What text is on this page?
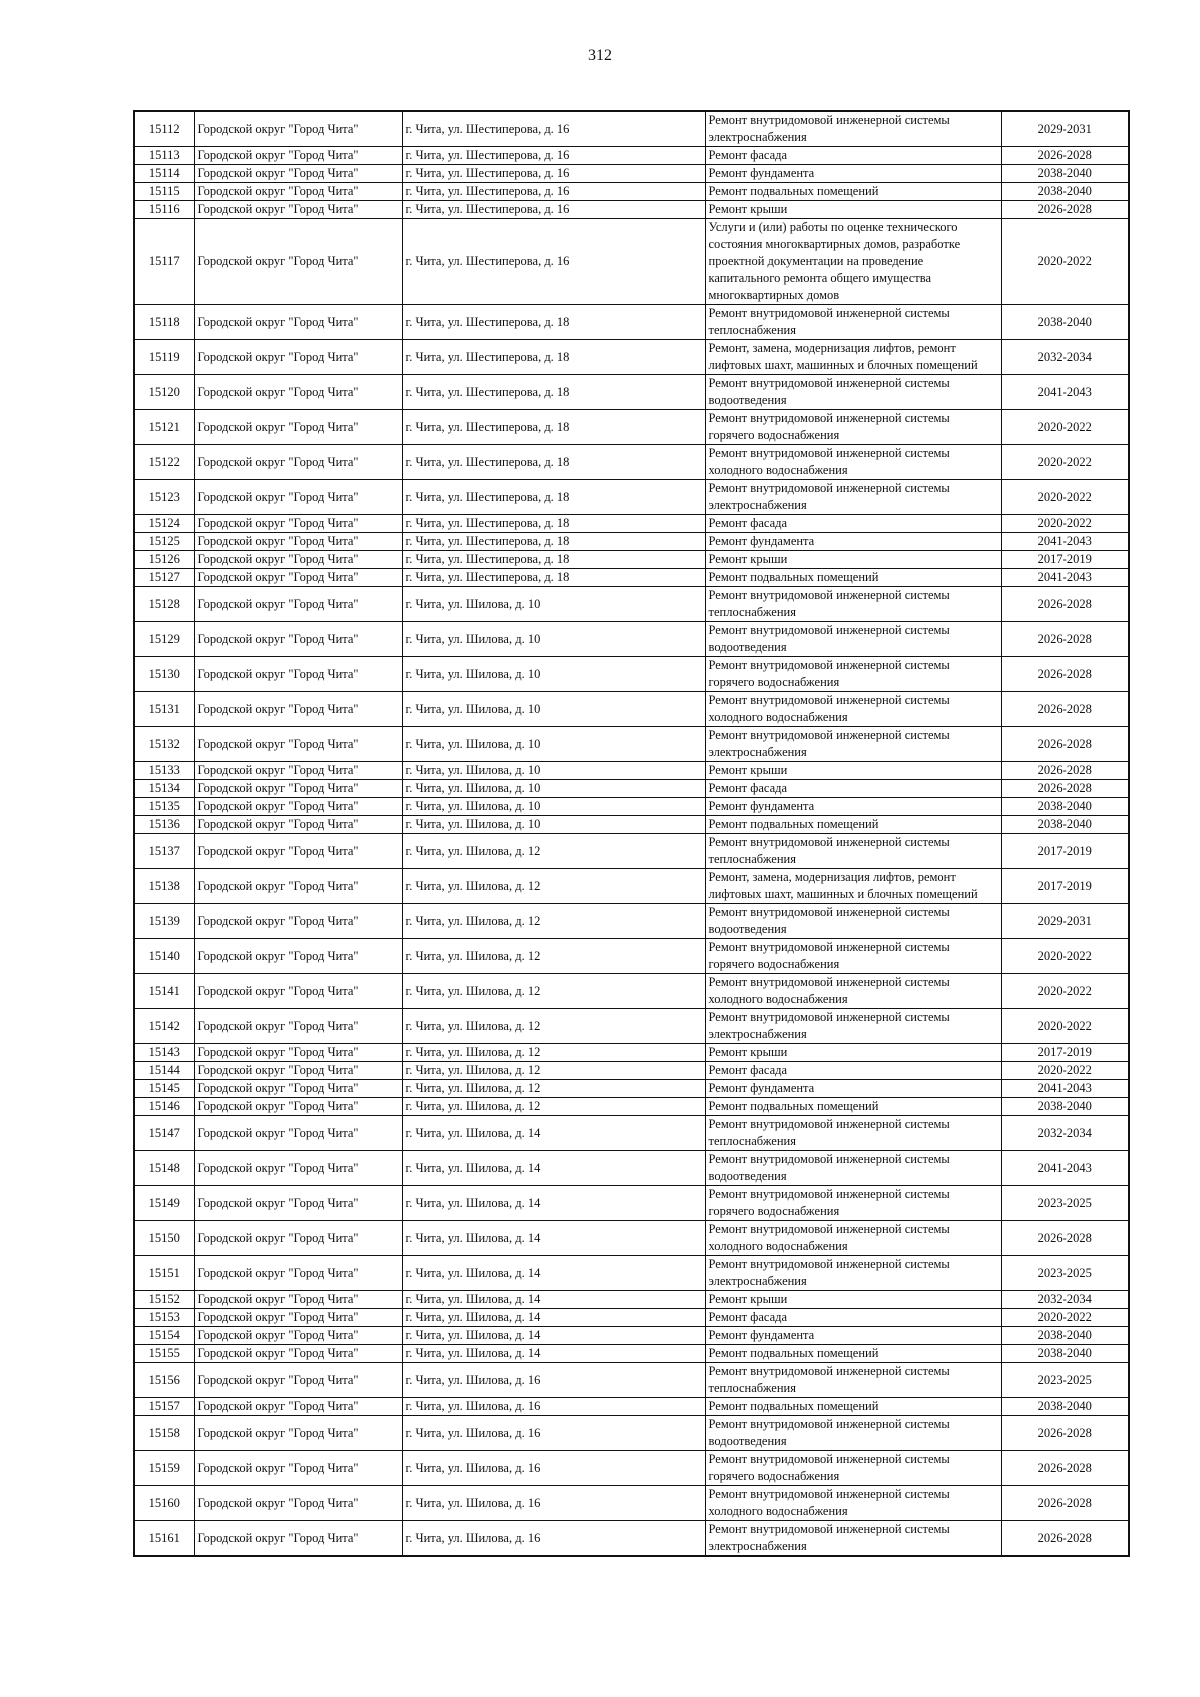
312
15112	Городской округ "Город Чита"	г. Чита, ул. Шестиперова, д. 16	Ремонт внутридомовой инженерной системы
электроснабжения	2029-2031
15113	Городской округ "Город Чита"	г. Чита, ул. Шестиперова, д. 16	Ремонт фасада	2026-2028
15114	Городской округ "Город Чита"	г. Чита, ул. Шестиперова, д. 16	Ремонт фундамента	2038-2040
15115	Городской округ "Город Чита"	г. Чита, ул. Шестиперова, д. 16	Ремонт подвальных помещений	2038-2040
15116	Городской округ "Город Чита"	г. Чита, ул. Шестиперова, д. 16	Ремонт крыши	2026-2028
15117	Городской округ "Город Чита"	г. Чита, ул. Шестиперова, д. 16	Услуги и (или) работы по оценке технического
состояния многоквартирных домов, разработке
проектной документации на проведение
капитального ремонта общего имущества
многоквартирных домов	2020-2022
15118	Городской округ "Город Чита"	г. Чита, ул. Шестиперова, д. 18	Ремонт внутридомовой инженерной системы
теплоснабжения	2038-2040
15119	Городской округ "Город Чита"	г. Чита, ул. Шестиперова, д. 18	Ремонт, замена, модернизация лифтов, ремонт
лифтовых шахт, машинных и блочных помещений	2032-2034
15120	Городской округ "Город Чита"	г. Чита, ул. Шестиперова, д. 18	Ремонт внутридомовой инженерной системы
водоотведения	2041-2043
15121	Городской округ "Город Чита"	г. Чита, ул. Шестиперова, д. 18	Ремонт внутридомовой инженерной системы
горячего водоснабжения	2020-2022
15122	Городской округ "Город Чита"	г. Чита, ул. Шестиперова, д. 18	Ремонт внутридомовой инженерной системы
холодного водоснабжения	2020-2022
15123	Городской округ "Город Чита"	г. Чита, ул. Шестиперова, д. 18	Ремонт внутридомовой инженерной системы
электроснабжения	2020-2022
15124	Городской округ "Город Чита"	г. Чита, ул. Шестиперова, д. 18	Ремонт фасада	2020-2022
15125	Городской округ "Город Чита"	г. Чита, ул. Шестиперова, д. 18	Ремонт фундамента	2041-2043
15126	Городской округ "Город Чита"	г. Чита, ул. Шестиперова, д. 18	Ремонт крыши	2017-2019
15127	Городской округ "Город Чита"	г. Чита, ул. Шестиперова, д. 18	Ремонт подвальных помещений	2041-2043
15128	Городской округ "Город Чита"	г. Чита, ул. Шилова, д. 10	Ремонт внутридомовой инженерной системы
теплоснабжения	2026-2028
15129	Городской округ "Город Чита"	г. Чита, ул. Шилова, д. 10	Ремонт внутридомовой инженерной системы
водоотведения	2026-2028
15130	Городской округ "Город Чита"	г. Чита, ул. Шилова, д. 10	Ремонт внутридомовой инженерной системы
горячего водоснабжения	2026-2028
15131	Городской округ "Город Чита"	г. Чита, ул. Шилова, д. 10	Ремонт внутридомовой инженерной системы
холодного водоснабжения	2026-2028
15132	Городской округ "Город Чита"	г. Чита, ул. Шилова, д. 10	Ремонт внутридомовой инженерной системы
электроснабжения	2026-2028
15133	Городской округ "Город Чита"	г. Чита, ул. Шилова, д. 10	Ремонт крыши	2026-2028
15134	Городской округ "Город Чита"	г. Чита, ул. Шилова, д. 10	Ремонт фасада	2026-2028
15135	Городской округ "Город Чита"	г. Чита, ул. Шилова, д. 10	Ремонт фундамента	2038-2040
15136	Городской округ "Город Чита"	г. Чита, ул. Шилова, д. 10	Ремонт подвальных помещений	2038-2040
15137	Городской округ "Город Чита"	г. Чита, ул. Шилова, д. 12	Ремонт внутридомовой инженерной системы
теплоснабжения	2017-2019
15138	Городской округ "Город Чита"	г. Чита, ул. Шилова, д. 12	Ремонт, замена, модернизация лифтов, ремонт
лифтовых шахт, машинных и блочных помещений	2017-2019
15139	Городской округ "Город Чита"	г. Чита, ул. Шилова, д. 12	Ремонт внутридомовой инженерной системы
водоотведения	2029-2031
15140	Городской округ "Город Чита"	г. Чита, ул. Шилова, д. 12	Ремонт внутридомовой инженерной системы
горячего водоснабжения	2020-2022
15141	Городской округ "Город Чита"	г. Чита, ул. Шилова, д. 12	Ремонт внутридомовой инженерной системы
холодного водоснабжения	2020-2022
15142	Городской округ "Город Чита"	г. Чита, ул. Шилова, д. 12	Ремонт внутридомовой инженерной системы
электроснабжения	2020-2022
15143	Городской округ "Город Чита"	г. Чита, ул. Шилова, д. 12	Ремонт крыши	2017-2019
15144	Городской округ "Город Чита"	г. Чита, ул. Шилова, д. 12	Ремонт фасада	2020-2022
15145	Городской округ "Город Чита"	г. Чита, ул. Шилова, д. 12	Ремонт фундамента	2041-2043
15146	Городской округ "Город Чита"	г. Чита, ул. Шилова, д. 12	Ремонт подвальных помещений	2038-2040
15147	Городской округ "Город Чита"	г. Чита, ул. Шилова, д. 14	Ремонт внутридомовой инженерной системы
теплоснабжения	2032-2034
15148	Городской округ "Город Чита"	г. Чита, ул. Шилова, д. 14	Ремонт внутридомовой инженерной системы
водоотведения	2041-2043
15149	Городской округ "Город Чита"	г. Чита, ул. Шилова, д. 14	Ремонт внутридомовой инженерной системы
горячего водоснабжения	2023-2025
15150	Городской округ "Город Чита"	г. Чита, ул. Шилова, д. 14	Ремонт внутридомовой инженерной системы
холодного водоснабжения	2026-2028
15151	Городской округ "Город Чита"	г. Чита, ул. Шилова, д. 14	Ремонт внутридомовой инженерной системы
электроснабжения	2023-2025
15152	Городской округ "Город Чита"	г. Чита, ул. Шилова, д. 14	Ремонт крыши	2032-2034
15153	Городской округ "Город Чита"	г. Чита, ул. Шилова, д. 14	Ремонт фасада	2020-2022
15154	Городской округ "Город Чита"	г. Чита, ул. Шилова, д. 14	Ремонт фундамента	2038-2040
15155	Городской округ "Город Чита"	г. Чита, ул. Шилова, д. 14	Ремонт подвальных помещений	2038-2040
15156	Городской округ "Город Чита"	г. Чита, ул. Шилова, д. 16	Ремонт внутридомовой инженерной системы
теплоснабжения	2023-2025
15157	Городской округ "Город Чита"	г. Чита, ул. Шилова, д. 16	Ремонт подвальных помещений	2038-2040
15158	Городской округ "Город Чита"	г. Чита, ул. Шилова, д. 16	Ремонт внутридомовой инженерной системы
водоотведения	2026-2028
15159	Городской округ "Город Чита"	г. Чита, ул. Шилова, д. 16	Ремонт внутридомовой инженерной системы
горячего водоснабжения	2026-2028
15160	Городской округ "Город Чита"	г. Чита, ул. Шилова, д. 16	Ремонт внутридомовой инженерной системы
холодного водоснабжения	2026-2028
15161	Городской округ "Город Чита"	г. Чита, ул. Шилова, д. 16	Ремонт внутридомовой инженерной системы
электроснабжения	2026-2028
